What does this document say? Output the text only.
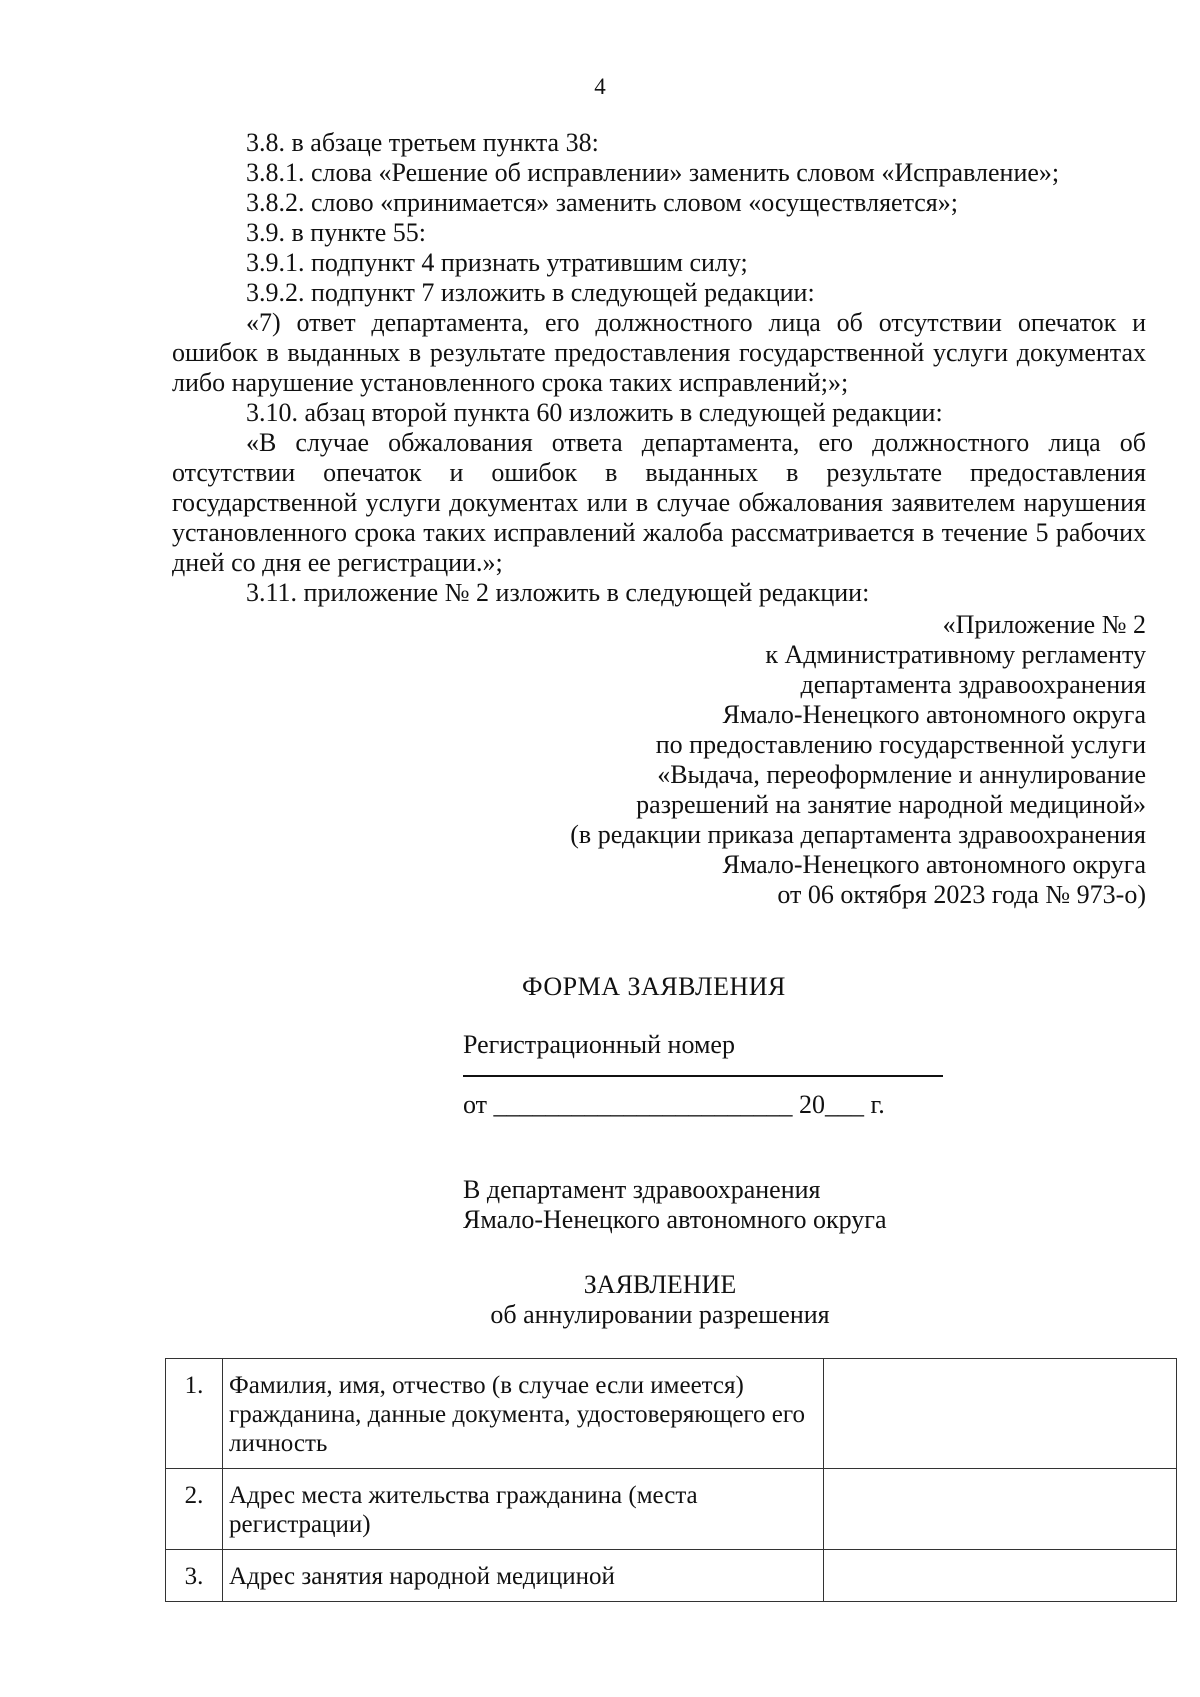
4

3.8. в абзаце третьем пункта 38:

3.8.1. слова «Решение об исправлении» заменить словом «Исправление»;

3.8.2. слово «принимается» заменить словом «осуществляется»;

3.9. в пункте 55:

3.9.1. подпункт 4 признать утратившим силу;

3.9.2. подпункт 7 изложить в следующей редакции:

«7) ответ департамента, его должностного лица об отсутствии опечаток и ошибок в выданных в результате предоставления государственной услуги документах либо нарушение установленного срока таких исправлений;»;

3.10. абзац второй пункта 60 изложить в следующей редакции:

«В случае обжалования ответа департамента, его должностного лица об отсутствии опечаток и ошибок в выданных в результате предоставления государственной услуги документах или в случае обжалования заявителем нарушения установленного срока таких исправлений жалоба рассматривается в течение 5 рабочих дней со дня ее регистрации.»;

3.11. приложение № 2 изложить в следующей редакции:

«Приложение № 2
к Административному регламенту
департамента здравоохранения
Ямало-Ненецкого автономного округа
по предоставлению государственной услуги
«Выдача, переоформление и аннулирование
разрешений на занятие народной медициной»
(в редакции приказа департамента здравоохранения
Ямало-Ненецкого автономного округа
от 06 октября 2023 года № 973-о)
ФОРМА ЗАЯВЛЕНИЯ
Регистрационный номер
от _______________________ 20___ г.
В департамент здравоохранения
Ямало-Ненецкого автономного округа
ЗАЯВЛЕНИЕ
об аннулировании разрешения
1.	Фамилия, имя, отчество (в случае если имеется) гражданина, данные документа, удостоверяющего его личность	
2.	Адрес места жительства гражданина (места регистрации)	
3.	Адрес занятия народной медициной	
